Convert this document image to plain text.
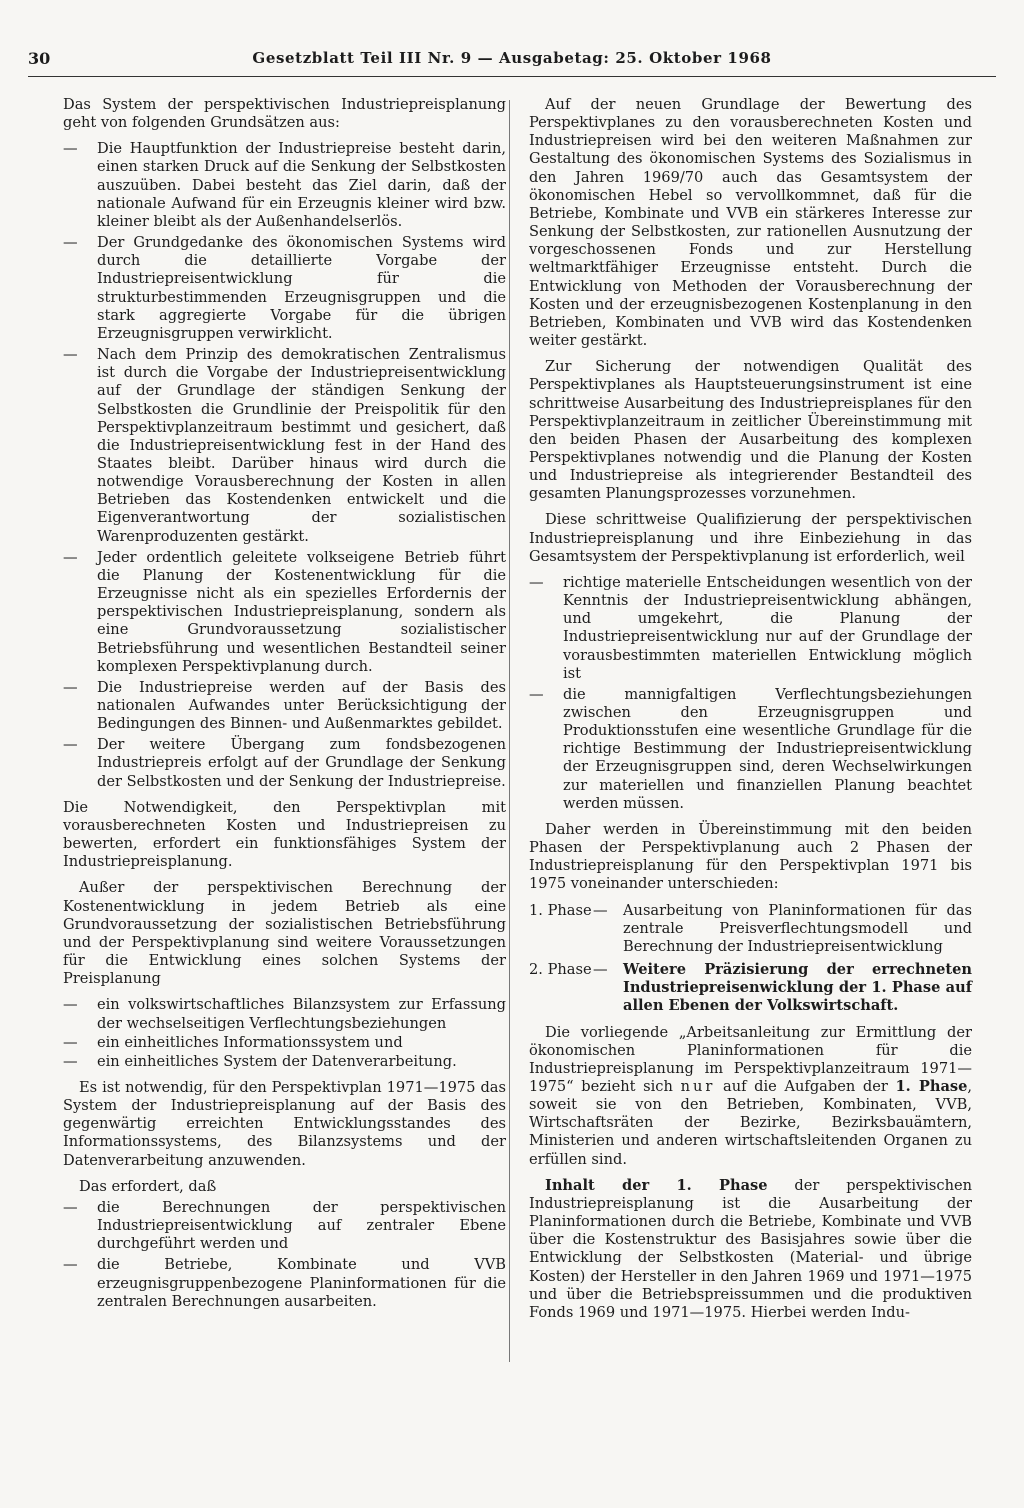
30	Gesetzblatt Teil III Nr. 9 — Ausgabetag: 25. Oktober 1968

Das System der perspektivischen Industriepreisplanung geht von folgenden Grundsätzen aus:

—	Die Hauptfunktion der Industriepreise besteht darin, einen starken Druck auf die Senkung der Selbstkosten auszuüben. Dabei besteht das Ziel darin, daß der nationale Aufwand für ein Erzeugnis kleiner wird bzw. kleiner bleibt als der Außenhandelserlös.
—	Der Grundgedanke des ökonomischen Systems wird durch die detaillierte Vorgabe der Industriepreisentwicklung für die strukturbestimmenden Erzeugnisgruppen und die stark aggregierte Vorgabe für die übrigen Erzeugnisgruppen verwirklicht.
—	Nach dem Prinzip des demokratischen Zentralismus ist durch die Vorgabe der Industriepreisentwicklung auf der Grundlage der ständigen Senkung der Selbstkosten die Grundlinie der Preispolitik für den Perspektivplanzeitraum bestimmt und gesichert, daß die Industriepreisentwicklung fest in der Hand des Staates bleibt. Darüber hinaus wird durch die notwendige Vorausberechnung der Kosten in allen Betrieben das Kostendenken entwickelt und die Eigenverantwortung der sozialistischen Warenproduzenten gestärkt.
—	Jeder ordentlich geleitete volkseigene Betrieb führt die Planung der Kostenentwicklung für die Erzeugnisse nicht als ein spezielles Erfordernis der perspektivischen Industriepreisplanung, sondern als eine Grundvoraussetzung sozialistischer Betriebsführung und wesentlichen Bestandteil seiner komplexen Perspektivplanung durch.
—	Die Industriepreise werden auf der Basis des nationalen Aufwandes unter Berücksichtigung der Bedingungen des Binnen- und Außenmarktes gebildet.
—	Der weitere Übergang zum fondsbezogenen Industriepreis erfolgt auf der Grundlage der Senkung der Selbstkosten und der Senkung der Industriepreise.

Die Notwendigkeit, den Perspektivplan mit vorausberechneten Kosten und Industriepreisen zu bewerten, erfordert ein funktionsfähiges System der Industriepreisplanung.

Außer der perspektivischen Berechnung der Kostenentwicklung in jedem Betrieb als eine Grundvoraussetzung der sozialistischen Betriebsführung und der Perspektivplanung sind weitere Voraussetzungen für die Entwicklung eines solchen Systems der Preisplanung

—	ein volkswirtschaftliches Bilanzsystem zur Erfassung der wechselseitigen Verflechtungsbeziehungen
—	ein einheitliches Informationssystem und
—	ein einheitliches System der Datenverarbeitung.

Es ist notwendig, für den Perspektivplan 1971—1975 das System der Industriepreisplanung auf der Basis des gegenwärtig erreichten Entwicklungsstandes des Informationssystems, des Bilanzsystems und der Datenverarbeitung anzuwenden.

Das erfordert, daß

—	die Berechnungen der perspektivischen Industriepreisentwicklung auf zentraler Ebene durchgeführt werden und
—	die Betriebe, Kombinate und VVB erzeugnisgruppenbezogene Planinformationen für die zentralen Berechnungen ausarbeiten.

Auf der neuen Grundlage der Bewertung des Perspektivplanes zu den vorausberechneten Kosten und Industriepreisen wird bei den weiteren Maßnahmen zur Gestaltung des ökonomischen Systems des Sozialismus in den Jahren 1969/70 auch das Gesamtsystem der ökonomischen Hebel so vervollkommnet, daß für die Betriebe, Kombinate und VVB ein stärkeres Interesse zur Senkung der Selbstkosten, zur rationellen Ausnutzung der vorgeschossenen Fonds und zur Herstellung weltmarktfähiger Erzeugnisse entsteht. Durch die Entwicklung von Methoden der Vorausberechnung der Kosten und der erzeugnisbezogenen Kostenplanung in den Betrieben, Kombinaten und VVB wird das Kostendenken weiter gestärkt.

Zur Sicherung der notwendigen Qualität des Perspektivplanes als Hauptsteuerungsinstrument ist eine schrittweise Ausarbeitung des Industriepreisplanes für den Perspektivplanzeitraum in zeitlicher Übereinstimmung mit den beiden Phasen der Ausarbeitung des komplexen Perspektivplanes notwendig und die Planung der Kosten und Industriepreise als integrierender Bestandteil des gesamten Planungsprozesses vorzunehmen.

Diese schrittweise Qualifizierung der perspektivischen Industriepreisplanung und ihre Einbeziehung in das Gesamtsystem der Perspektivplanung ist erforderlich, weil

—	richtige materielle Entscheidungen wesentlich von der Kenntnis der Industriepreisentwicklung abhängen, und umgekehrt, die Planung der Industriepreisentwicklung nur auf der Grundlage der vorausbestimmten materiellen Entwicklung möglich ist
—	die mannigfaltigen Verflechtungsbeziehungen zwischen den Erzeugnisgruppen und Produktionsstufen eine wesentliche Grundlage für die richtige Bestimmung der Industriepreisentwicklung der Erzeugnisgruppen sind, deren Wechselwirkungen zur materiellen und finanziellen Planung beachtet werden müssen.

Daher werden in Übereinstimmung mit den beiden Phasen der Perspektivplanung auch 2 Phasen der Industriepreisplanung für den Perspektivplan 1971 bis 1975 voneinander unterschieden:

1. Phase —	Ausarbeitung von Planinformationen für das zentrale Preisverflechtungsmodell und Berechnung der Industriepreisentwicklung
2. Phase —	Weitere Präzisierung der errechneten Industriepreisenwicklung der 1. Phase auf allen Ebenen der Volkswirtschaft.

Die vorliegende „Arbeitsanleitung zur Ermittlung der ökonomischen Planinformationen für die Industriepreisplanung im Perspektivplanzeitraum 1971—1975“ bezieht sich nur auf die Aufgaben der 1. Phase, soweit sie von den Betrieben, Kombinaten, VVB, Wirtschaftsräten der Bezirke, Bezirksbauämtern, Ministerien und anderen wirtschaftsleitenden Organen zu erfüllen sind.

Inhalt der 1. Phase der perspektivischen Industriepreisplanung ist die Ausarbeitung der Planinformationen durch die Betriebe, Kombinate und VVB über die Kostenstruktur des Basisjahres sowie über die Entwicklung der Selbstkosten (Material- und übrige Kosten) der Hersteller in den Jahren 1969 und 1971—1975 und über die Betriebspreissummen und die produktiven Fonds 1969 und 1971—1975. Hierbei werden Indu-
